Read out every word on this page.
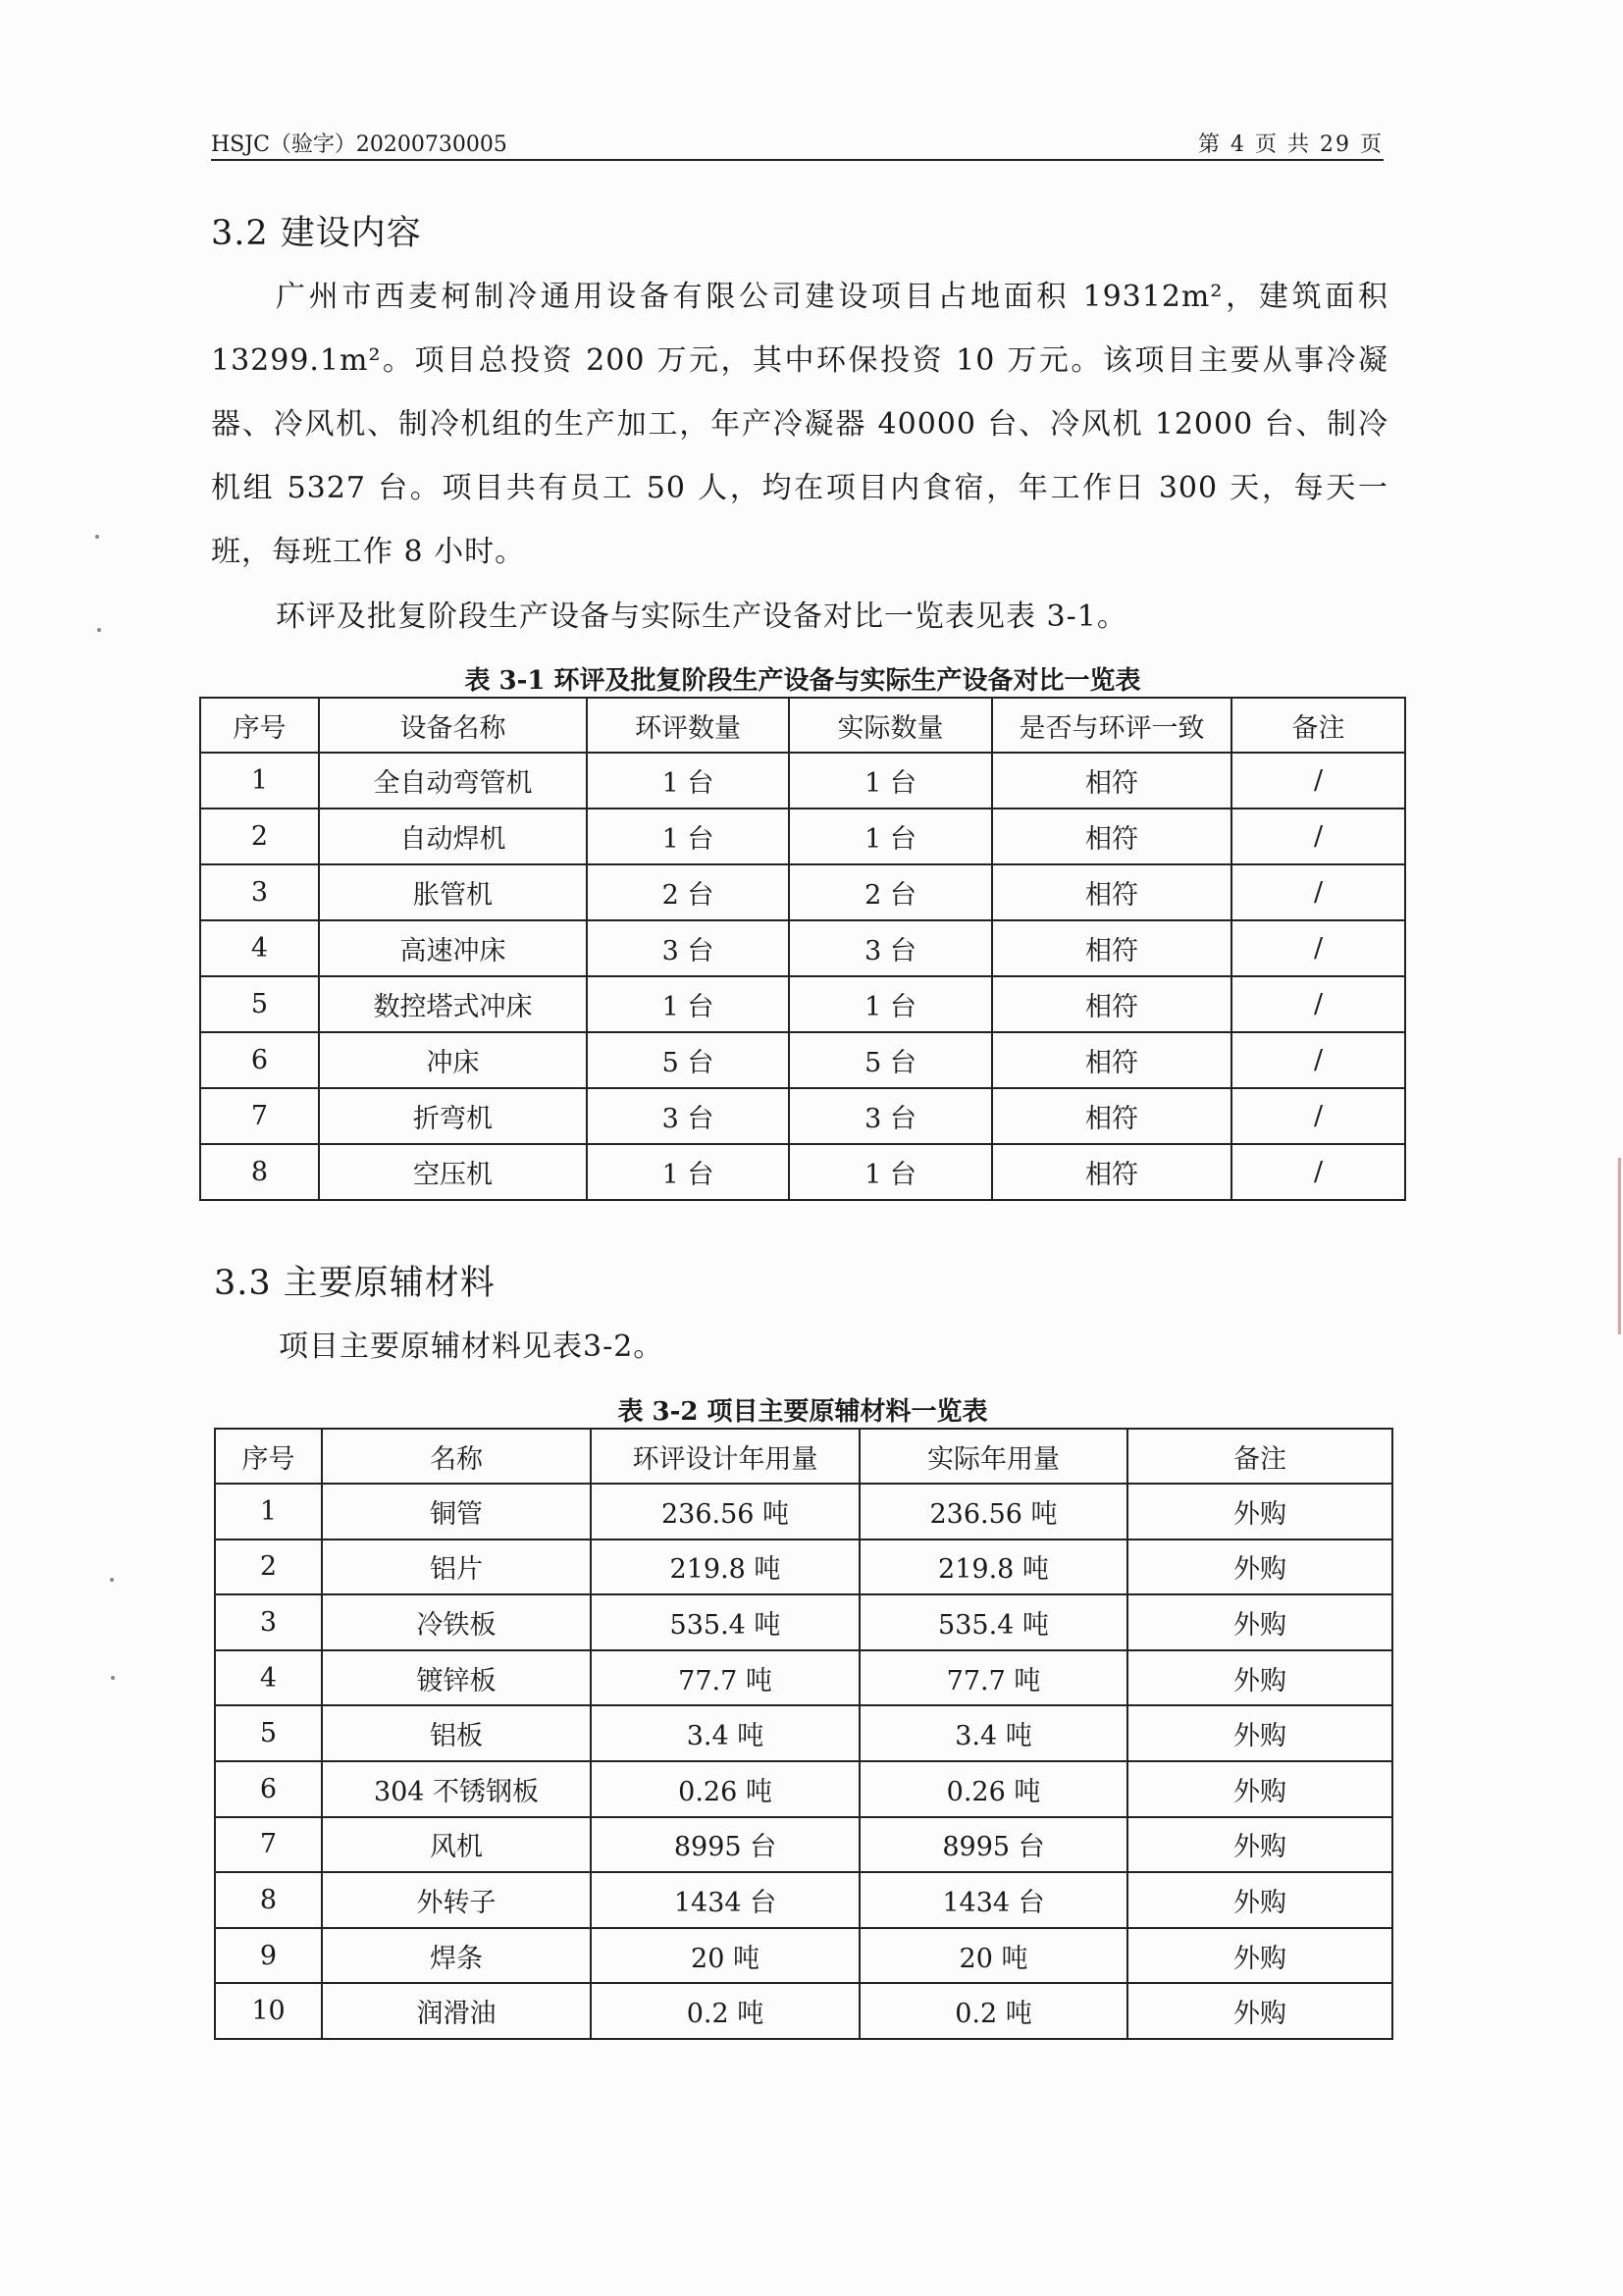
HSJC（验字）20200730005	第 4 页 共 29 页
3.2 建设内容

广州市西麦柯制冷通用设备有限公司建设项目占地面积 19312m²，建筑面积 13299.1m²。项目总投资 200 万元，其中环保投资 10 万元。该项目主要从事冷凝器、冷风机、制冷机组的生产加工，年产冷凝器 40000 台、冷风机 12000 台、制冷机组 5327 台。项目共有员工 50 人，均在项目内食宿，年工作日 300 天，每天一班，每班工作 8 小时。

环评及批复阶段生产设备与实际生产设备对比一览表见表 3-1。

表 3-1 环评及批复阶段生产设备与实际生产设备对比一览表
序号	设备名称	环评数量	实际数量	是否与环评一致	备注
1	全自动弯管机	1 台	1 台	相符	/
2	自动焊机	1 台	1 台	相符	/
3	胀管机	2 台	2 台	相符	/
4	高速冲床	3 台	3 台	相符	/
5	数控塔式冲床	1 台	1 台	相符	/
6	冲床	5 台	5 台	相符	/
7	折弯机	3 台	3 台	相符	/
8	空压机	1 台	1 台	相符	/
3.3 主要原辅材料

项目主要原辅材料见表3-2。

表 3-2 项目主要原辅材料一览表
序号	名称	环评设计年用量	实际年用量	备注
1	铜管	236.56 吨	236.56 吨	外购
2	铝片	219.8 吨	219.8 吨	外购
3	冷铁板	535.4 吨	535.4 吨	外购
4	镀锌板	77.7 吨	77.7 吨	外购
5	铝板	3.4 吨	3.4 吨	外购
6	304 不锈钢板	0.26 吨	0.26 吨	外购
7	风机	8995 台	8995 台	外购
8	外转子	1434 台	1434 台	外购
9	焊条	20 吨	20 吨	外购
10	润滑油	0.2 吨	0.2 吨	外购
